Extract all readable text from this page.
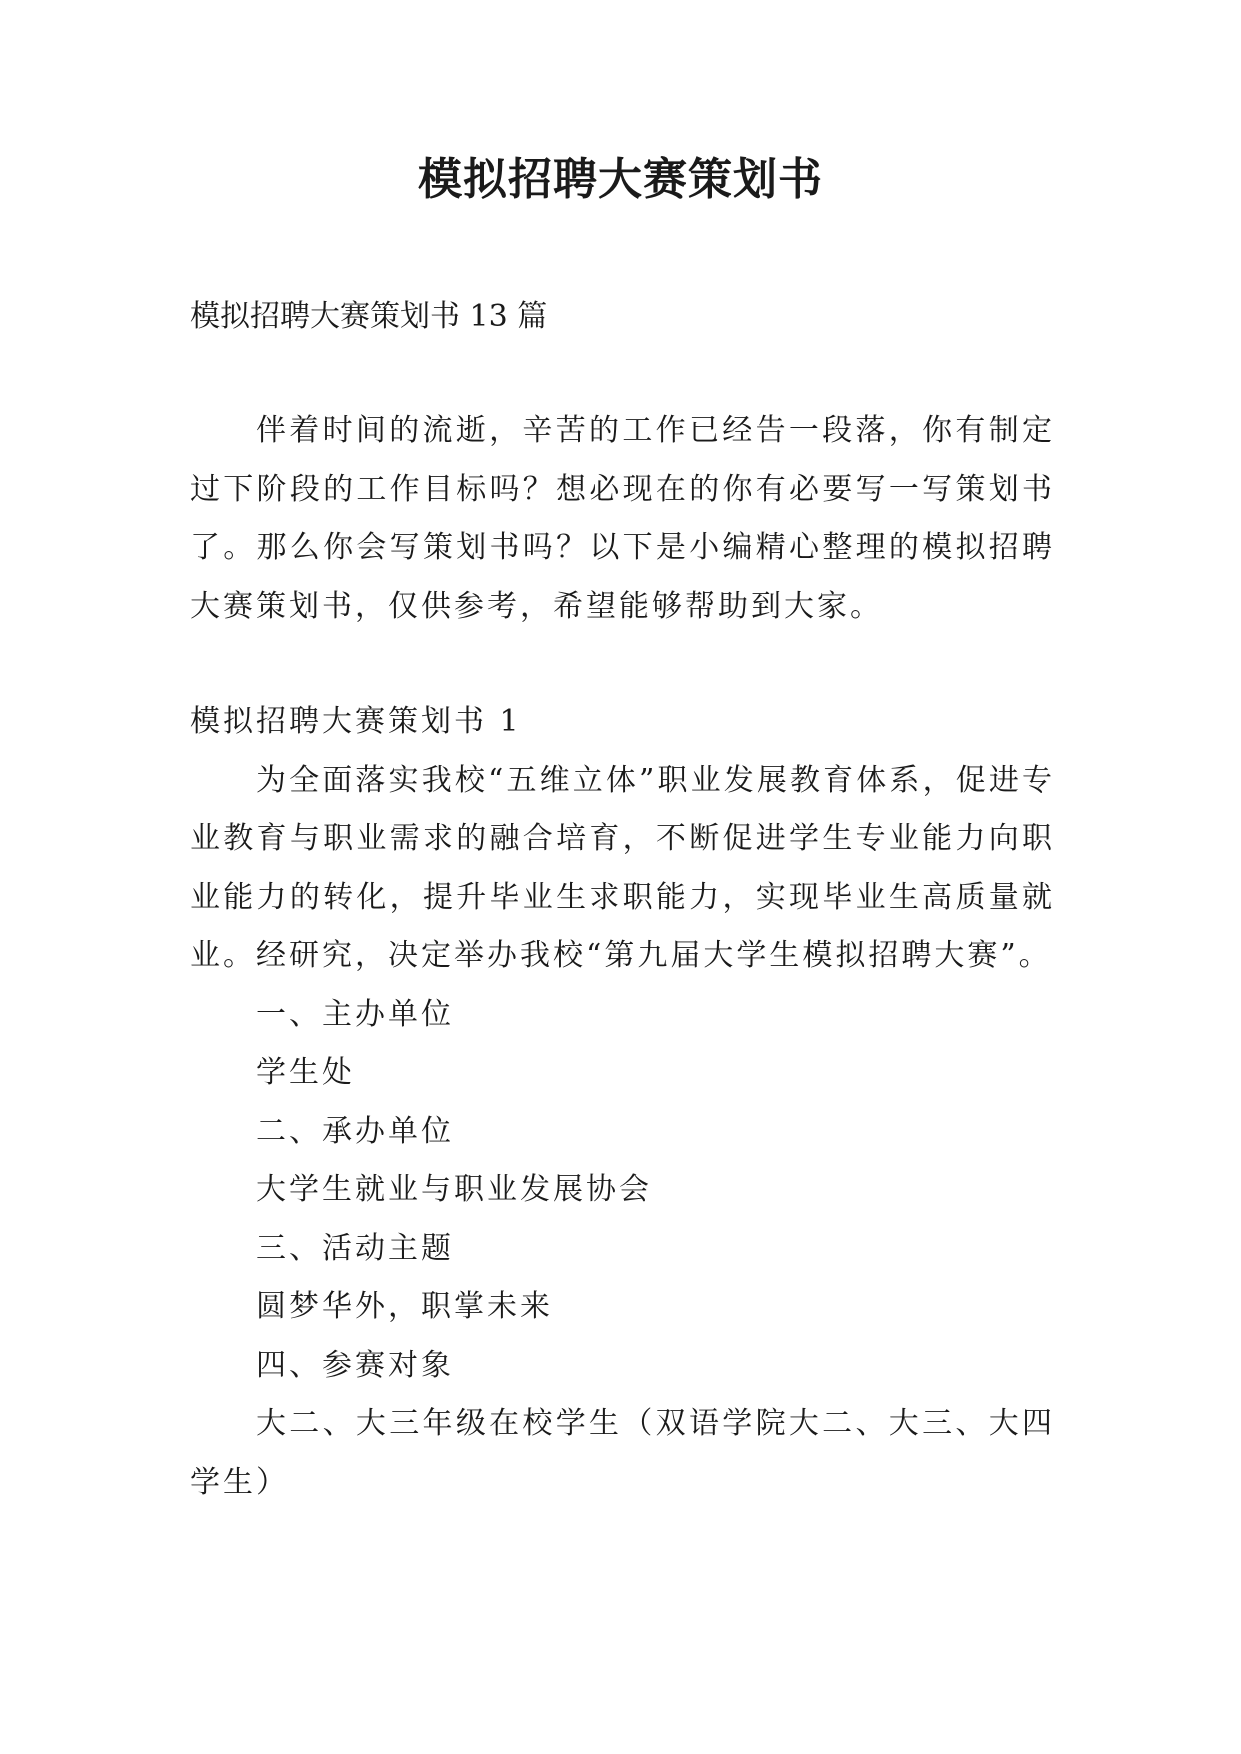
模拟招聘大赛策划书
模拟招聘大赛策划书 13 篇

伴着时间的流逝，辛苦的工作已经告一段落，你有制定过下阶段的工作目标吗？想必现在的你有必要写一写策划书了。那么你会写策划书吗？以下是小编精心整理的模拟招聘大赛策划书，仅供参考，希望能够帮助到大家。

模拟招聘大赛策划书 1

为全面落实我校“五维立体”职业发展教育体系，促进专业教育与职业需求的融合培育，不断促进学生专业能力向职业能力的转化，提升毕业生求职能力，实现毕业生高质量就业。经研究，决定举办我校“第九届大学生模拟招聘大赛”。

一、主办单位

学生处

二、承办单位

大学生就业与职业发展协会

三、活动主题

圆梦华外，职掌未来

四、参赛对象

大二、大三年级在校学生（双语学院大二、大三、大四学生）
